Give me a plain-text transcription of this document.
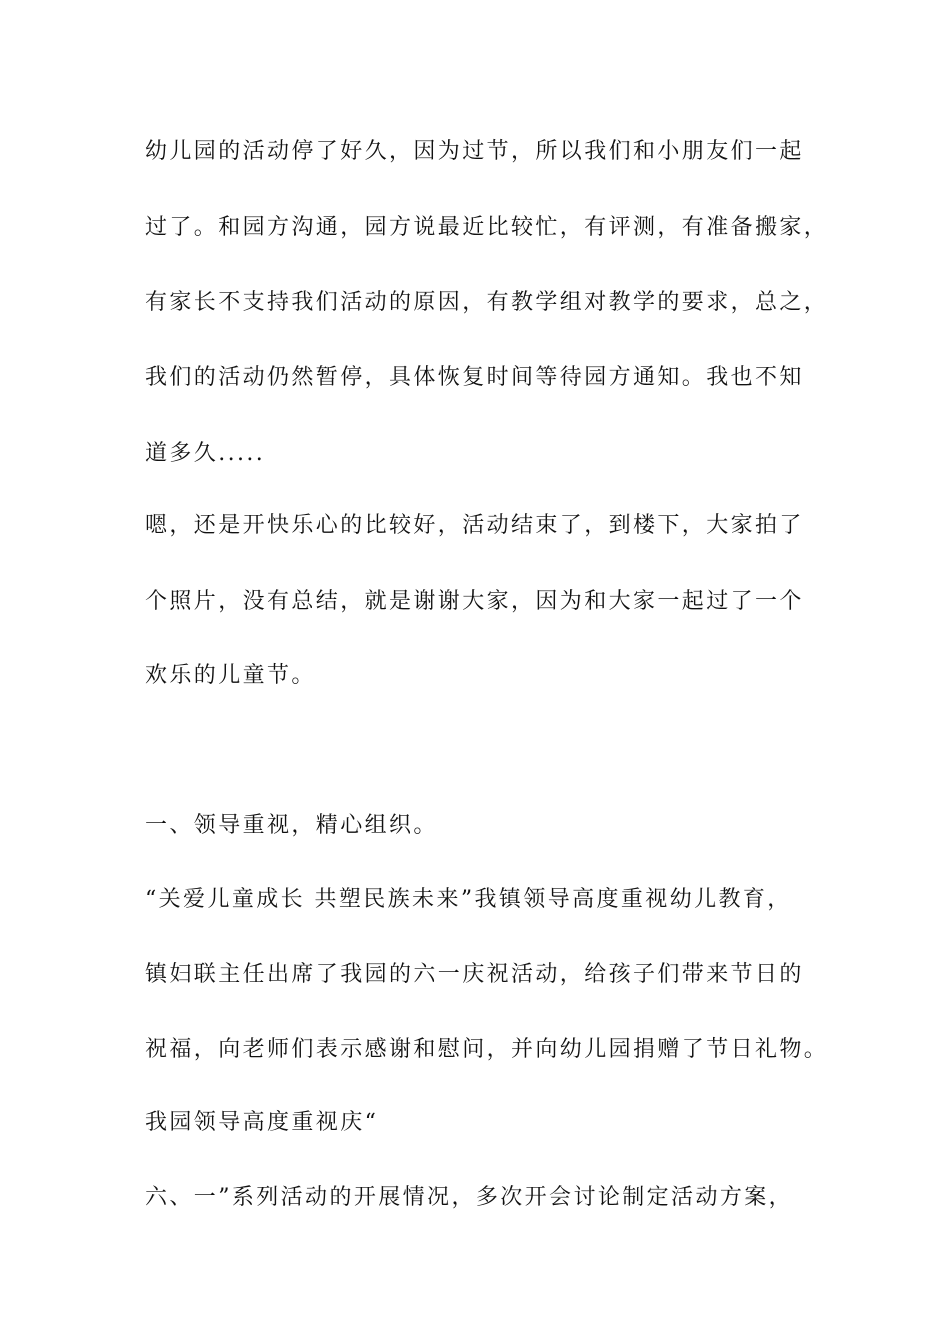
幼儿园的活动停了好久，因为过节，所以我们和小朋友们一起
过了。和园方沟通，园方说最近比较忙，有评测，有准备搬家，
有家长不支持我们活动的原因，有教学组对教学的要求，总之，
我们的活动仍然暂停，具体恢复时间等待园方通知。我也不知
道多久.....
嗯，还是开快乐心的比较好，活动结束了，到楼下，大家拍了
个照片，没有总结，就是谢谢大家，因为和大家一起过了一个
欢乐的儿童节。
一、领导重视，精心组织。
“关爱儿童成长 共塑民族未来”我镇领导高度重视幼儿教育，
镇妇联主任出席了我园的六一庆祝活动，给孩子们带来节日的
祝福，向老师们表示感谢和慰问，并向幼儿园捐赠了节日礼物。
我园领导高度重视庆“
六、一”系列活动的开展情况，多次开会讨论制定活动方案，
